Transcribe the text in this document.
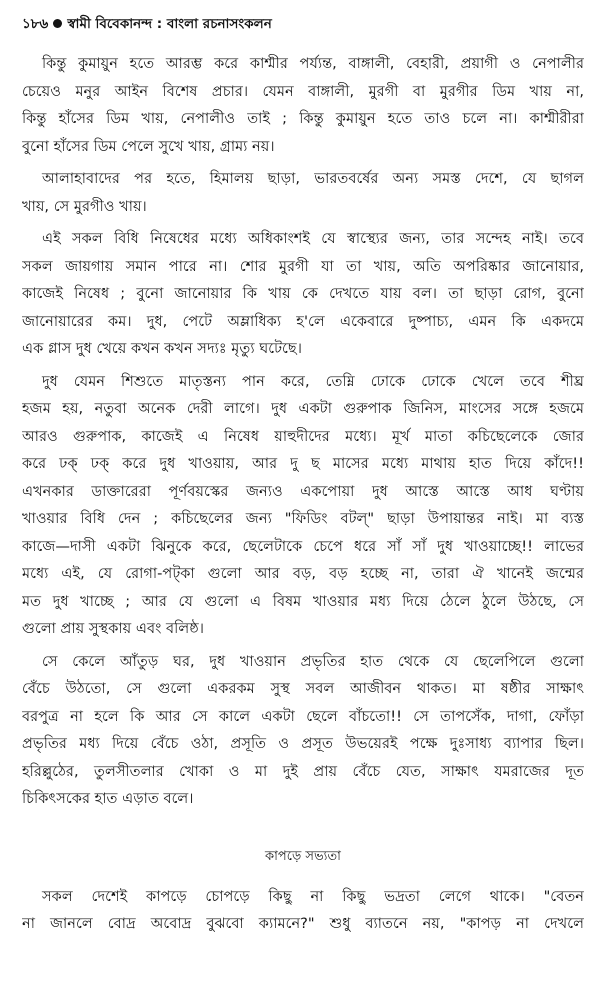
১৮৬ স্বামী বিবেকানন্দ : বাংলা রচনাসংকলন
কিন্তু কুমায়ুন হতে আরম্ভ করে কাশ্মীর পর্য্যন্ত, বাঙ্গালী, বেহারী, প্রয়াগী ও নেপালীর
চেয়েও মনুর আইন বিশেষ প্রচার। যেমন বাঙ্গালী, মুরগী বা মুরগীর ডিম খায় না,
কিন্তু হাঁসের ডিম খায়, নেপালীও তাই ; কিন্তু কুমায়ুন হতে তাও চলে না। কাশ্মীরীরা
বুনো হাঁসের ডিম পেলে সুখে খায়, গ্রাম্য নয়।
আলাহাবাদের পর হতে, হিমালয় ছাড়া, ভারতবর্ষের অন্য সমস্ত দেশে, যে ছাগল
খায়, সে মুরগীও খায়।
এই সকল বিধি নিষেধের মধ্যে অধিকাংশই যে স্বাস্থ্যের জন্য, তার সন্দেহ নাই। তবে
সকল জায়গায় সমান পারে না। শোর মুরগী যা তা খায়, অতি অপরিষ্কার জানোয়ার,
কাজেই নিষেধ ; বুনো জানোয়ার কি খায় কে দেখতে যায় বল। তা ছাড়া রোগ, বুনো
জানোয়ারের কম। দুধ, পেটে অম্লাধিক্য হ'লে একেবারে দুষ্পাচ্য, এমন কি একদমে
এক গ্লাস দুধ খেয়ে কখন কখন সদ্যঃ মৃত্যু ঘটেছে।
দুধ যেমন শিশুতে মাতৃস্তন্য পান করে, তেম্নি ঢোকে ঢোকে খেলে তবে শীঘ্র
হজম হয়, নতুবা অনেক দেরী লাগে। দুধ একটা গুরুপাক জিনিস, মাংসের সঙ্গে হজমে
আরও গুরুপাক, কাজেই এ নিষেধ য়াহুদীদের মধ্যে। মূর্খ মাতা কচিছেলেকে জোর
করে ঢক্ ঢক্ করে দুধ খাওয়ায়, আর দু ছ মাসের মধ্যে মাথায় হাত দিয়ে কাঁদে!!
এখনকার ডাক্তারেরা পূর্ণবয়স্কের জন্যও একপোয়া দুধ আস্তে আস্তে আধ ঘণ্টায়
খাওয়ার বিধি দেন ; কচিছেলের জন্য "ফিডিং বটল্" ছাড়া উপায়ান্তর নাই। মা ব্যস্ত
কাজে—দাসী একটা ঝিনুকে করে, ছেলেটাকে চেপে ধরে সাঁ সাঁ দুধ খাওয়াচ্ছে!! লাভের
মধ্যে এই, যে রোগা-পট্কা গুলো আর বড়, বড় হচ্ছে না, তারা ঐ খানেই জন্মের
মত দুধ খাচ্ছে ; আর যে গুলো এ বিষম খাওয়ার মধ্য দিয়ে ঠেলে ঠুলে উঠছে, সে
গুলো প্রায় সুস্থকায় এবং বলিষ্ঠ।
সে কেলে আঁতুড় ঘর, দুধ খাওয়ান প্রভৃতির হাত থেকে যে ছেলেপিলে গুলো
বেঁচে উঠতো, সে গুলো একরকম সুস্থ সবল আজীবন থাকত। মা ষষ্ঠীর সাক্ষাৎ
বরপুত্র না হলে কি আর সে কালে একটা ছেলে বাঁচতো!! সে তাপসেঁক, দাগা, ফোঁড়া
প্রভৃতির মধ্য দিয়ে বেঁচে ওঠা, প্রসূতি ও প্রসূত উভয়েরই পক্ষে দুঃসাধ্য ব্যাপার ছিল।
হরিল্লুঠের, তুলসীতলার খোকা ও মা দুই প্রায় বেঁচে যেত, সাক্ষাৎ যমরাজের দূত
চিকিৎসকের হাত এড়াত বলে।
কাপড়ে সভ্যতা
সকল দেশেই কাপড়ে চোপড়ে কিছু না কিছু ভদ্রতা লেগে থাকে। "বেতন
না জানলে বোদ্র অবোদ্র বুঝবো ক্যামনে?" শুধু ব্যাতনে নয়, "কাপড় না দেখলে
